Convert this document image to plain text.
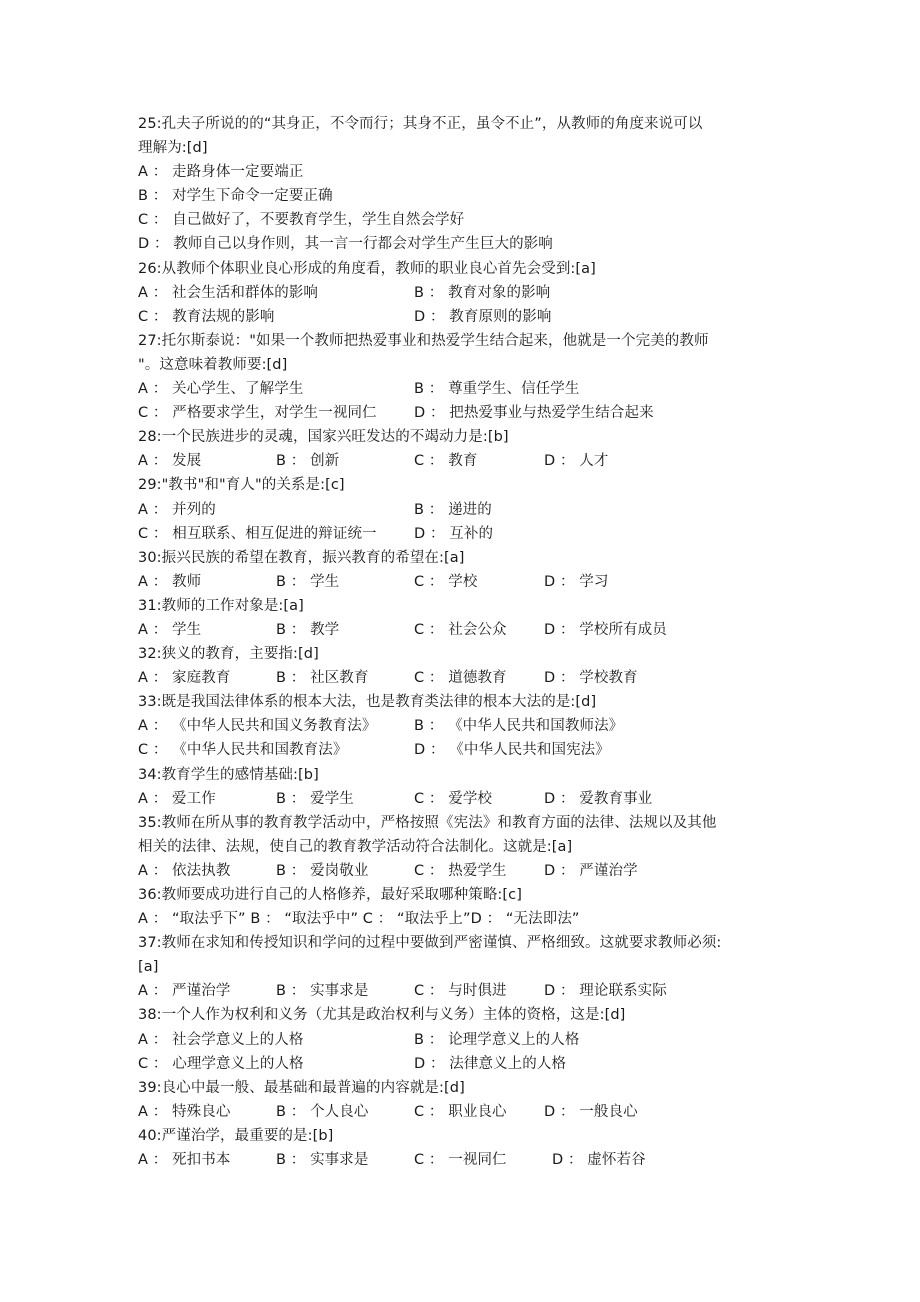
25:孔夫子所说的的“其身正，不令而行；其身不正，虽令不止”，从教师的角度来说可以
理解为:[d]
A ： 走路身体一定要端正
B ： 对学生下命令一定要正确
C ： 自己做好了，不要教育学生，学生自然会学好
D ： 教师自己以身作则，其一言一行都会对学生产生巨大的影响
26:从教师个体职业良心形成的角度看，教师的职业良心首先会受到:[a]
A ： 社会生活和群体的影响	B ： 教育对象的影响
C ： 教育法规的影响	D ： 教育原则的影响
27:托尔斯泰说："如果一个教师把热爱事业和热爱学生结合起来，他就是一个完美的教师
"。这意味着教师要:[d]
A ： 关心学生、了解学生	B ： 尊重学生、信任学生
C ： 严格要求学生，对学生一视同仁	D ： 把热爱事业与热爱学生结合起来
28:一个民族进步的灵魂，国家兴旺发达的不竭动力是:[b]
A ： 发展	B ： 创新	C ： 教育	D ： 人才
29:"教书"和"育人"的关系是:[c]
A ： 并列的	B ： 递进的
C ： 相互联系、相互促进的辩证统一	D ： 互补的
30:振兴民族的希望在教育，振兴教育的希望在:[a]
A ： 教师	B ： 学生	C ： 学校	D ： 学习
31:教师的工作对象是:[a]
A ： 学生	B ： 教学	C ： 社会公众	D ： 学校所有成员
32:狭义的教育，主要指:[d]
A ： 家庭教育	B ： 社区教育	C ： 道德教育	D ： 学校教育
33:既是我国法律体系的根本大法，也是教育类法律的根本大法的是:[d]
A ： 《中华人民共和国义务教育法》	B ： 《中华人民共和国教师法》
C ： 《中华人民共和国教育法》	D ： 《中华人民共和国宪法》
34:教育学生的感情基础:[b]
A ： 爱工作	B ： 爱学生	C ： 爱学校	D ： 爱教育事业
35:教师在所从事的教育教学活动中，严格按照《宪法》和教育方面的法律、法规以及其他
相关的法律、法规，使自己的教育教学活动符合法制化。这就是:[a]
A ： 依法执教	B ： 爱岗敬业	C ： 热爱学生	D ： 严谨治学
36:教师要成功进行自己的人格修养，最好采取哪种策略:[c]
A ： “取法乎下” B ： “取法乎中” C ： “取法乎上”D ： “无法即法”
37:教师在求知和传授知识和学问的过程中要做到严密谨慎、严格细致。这就要求教师必须:
[a]
A ： 严谨治学	B ： 实事求是	C ： 与时俱进	D ： 理论联系实际
38:一个人作为权利和义务（尤其是政治权利与义务）主体的资格，这是:[d]
A ： 社会学意义上的人格	B ： 论理学意义上的人格
C ： 心理学意义上的人格	D ： 法律意义上的人格
39:良心中最一般、最基础和最普遍的内容就是:[d]
A ： 特殊良心	B ： 个人良心	C ： 职业良心	D ： 一般良心
40:严谨治学，最重要的是:[b]
A ： 死扣书本	B ： 实事求是	C ： 一视同仁	D ： 虚怀若谷
